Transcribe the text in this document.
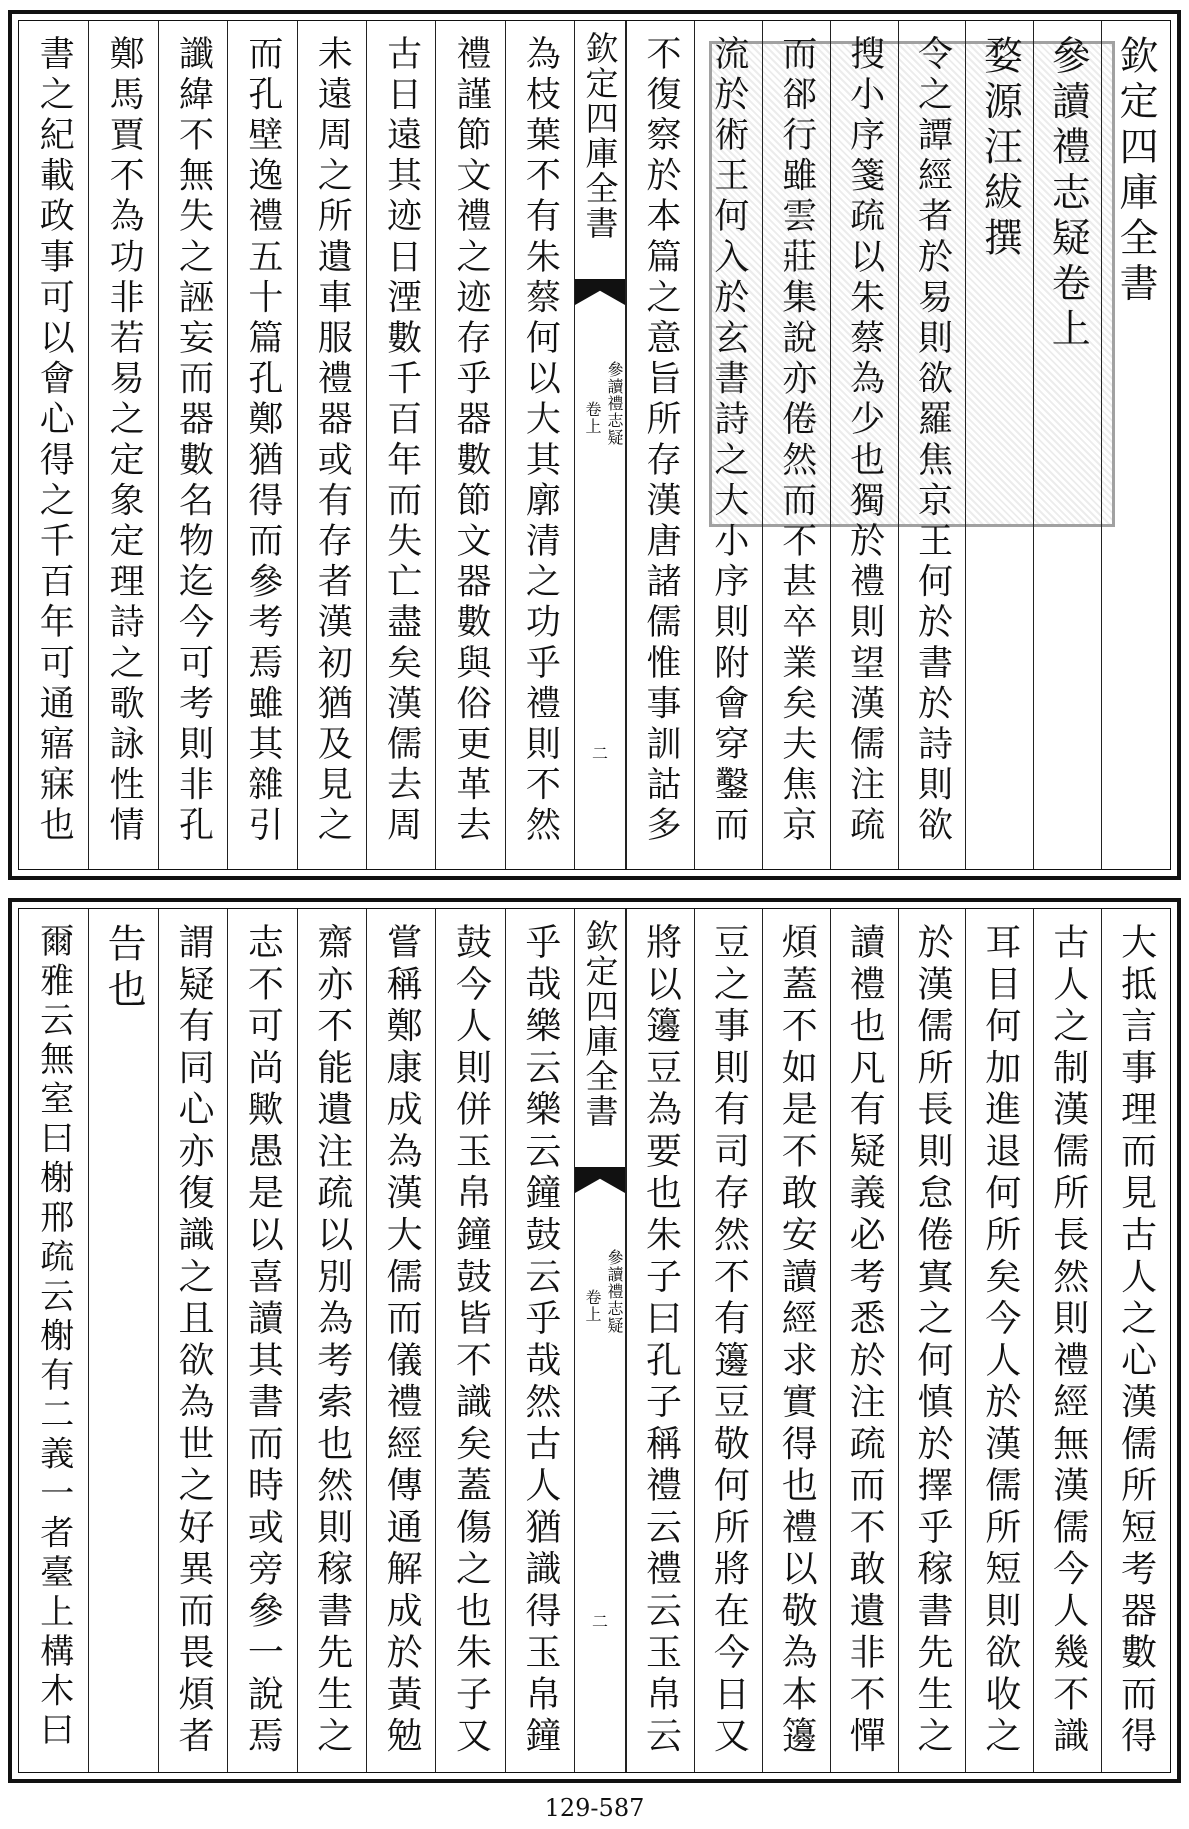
欽定四庫全書
參讀禮志疑
卷上
二
欽定四庫全書
參讀禮志疑卷上
婺源汪紱撰
令之譚經者於易則欲羅焦京王何於書於詩則欲
搜小序箋疏以朱蔡為少也獨於禮則望漢儒注疏
而郤行雖雲莊集說亦倦然而不甚卒業矣夫焦京
流於術王何入於玄書詩之大小序則附會穿鑿而
不復察於本篇之意旨所存漢唐諸儒惟事訓詁多
為枝葉不有朱蔡何以大其廓清之功乎禮則不然
禮謹節文禮之迹存乎器數節文器數與俗更革去
古日遠其迹日湮數千百年而失亡盡矣漢儒去周
未遠周之所遺車服禮器或有存者漢初猶及見之
而孔壁逸禮五十篇孔鄭猶得而參考焉雖其雜引
讖緯不無失之誣妄而器數名物迄今可考則非孔
鄭馬賈不為功非若易之定象定理詩之歌詠性情
書之紀載政事可以會心得之千百年可通寤寐也
欽定四庫全書
參讀禮志疑
卷上
二	大抵言事理而見古人之心漢儒所短考器數而得
古人之制漢儒所長然則禮經無漢儒今人幾不識
耳目何加進退何所矣今人於漢儒所短則欲收之
於漢儒所長則怠倦寘之何慎於擇乎稼書先生之
讀禮也凡有疑義必考悉於注疏而不敢遺非不憚
煩蓋不如是不敢安讀經求實得也禮以敬為本籩
豆之事則有司存然不有籩豆敬何所將在今日又
將以籩豆為要也朱子曰孔子稱禮云禮云玉帛云
乎哉樂云樂云鐘鼓云乎哉然古人猶識得玉帛鐘
鼓今人則併玉帛鐘鼓皆不識矣蓋傷之也朱子又
嘗稱鄭康成為漢大儒而儀禮經傳通解成於黃勉
齋亦不能遺注疏以別為考索也然則稼書先生之
志不可尚歟愚是以喜讀其書而時或旁參一說焉
謂疑有同心亦復識之且欲為世之好異而畏煩者
告也
爾雅云無室曰榭邢疏云榭有二義一者臺上構木曰
129-587
